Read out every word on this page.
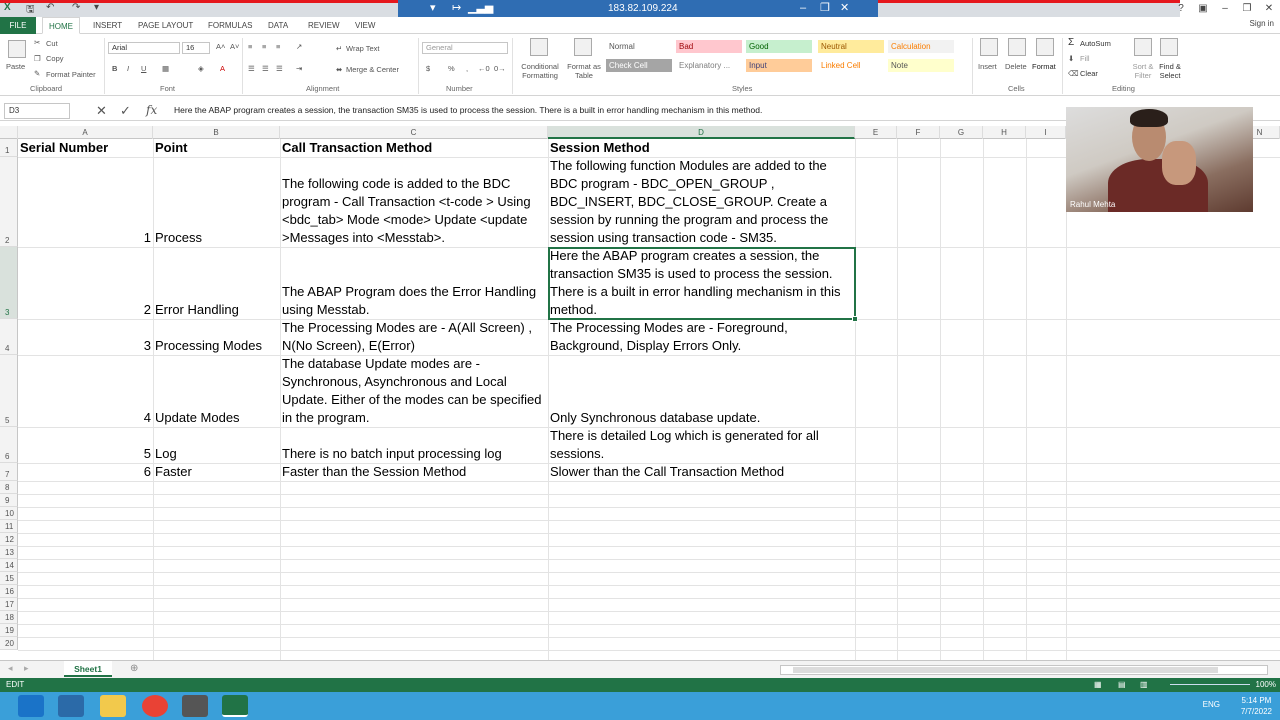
X 🖫 ↶ ↷ ▾	▾ ↦ ▁▃▅	183.82.109.224	– ❐ ✕	?	▣	–	❐	✕
FILE	HOME	INSERT PAGE LAYOUT FORMULAS DATA REVIEW VIEW	Sign in
Paste
✂ Cut
❐ Copy
✎ Format Painter
Clipboard
Arial	16	A˄ A˅
B I U ▦	◈ A
Font
≡ ≡ ≡ ↗
☰ ☰ ☰ ⇥
↵ Wrap Text
⬌ Merge & Center
Alignment
General
$ % , ←0 0→
Number
Conditional Formatting
Format as Table
Normal	Bad	Good	Neutral	Calculation
Check Cell	Explanatory ...	Input	Linked Cell	Note
Styles
Insert Delete Format
Cells
Σ AutoSum
⬇ Fill
⌫ Clear
Sort & Filter
Find & Select
Editing
D3	✕ ✓ fx Here the ABAP program creates a session, the transaction SM35 is used to process the session. There is a built in error handling mechanism in this method.
A	B	C	D	E	F	G	H	I	N
1
2
3
4
5
6
7
8
9
10
11
12
13
14
15
16
17
18
19
20
Serial Number	Point	Call Transaction Method	Session Method
1 Process
The following code is added to the BDC program - Call Transaction <t-code > Using <bdc_tab> Mode <mode> Update <update >Messages into <Messtab>.
The following function Modules are added to the BDC program - BDC_OPEN_GROUP , BDC_INSERT, BDC_CLOSE_GROUP. Create a session by running the program and process the session using transaction code - SM35.
2 Error Handling
The ABAP Program does the Error Handling using Messtab.
Here the ABAP program creates a session, the transaction SM35 is used to process the session. There is a built in error handling mechanism in this method.
3 Processing Modes
The Processing Modes are - A(All Screen) , N(No Screen), E(Error)
The Processing Modes are - Foreground, Background, Display Errors Only.
4 Update Modes
The database Update modes are - Synchronous, Asynchronous and Local Update. Either of the modes can be specified in the program.	Only Synchronous database update.
5 Log	There is no batch input processing log
There is detailed Log which is generated for all sessions.
6 Faster	Faster than the Session Method	Slower than the Call Transaction Method
Rahul Mehta
◂ ▸	Sheet1	⊕
EDIT	▦ ▤ ▥	100%
ENG	5:14 PM
7/7/2022
